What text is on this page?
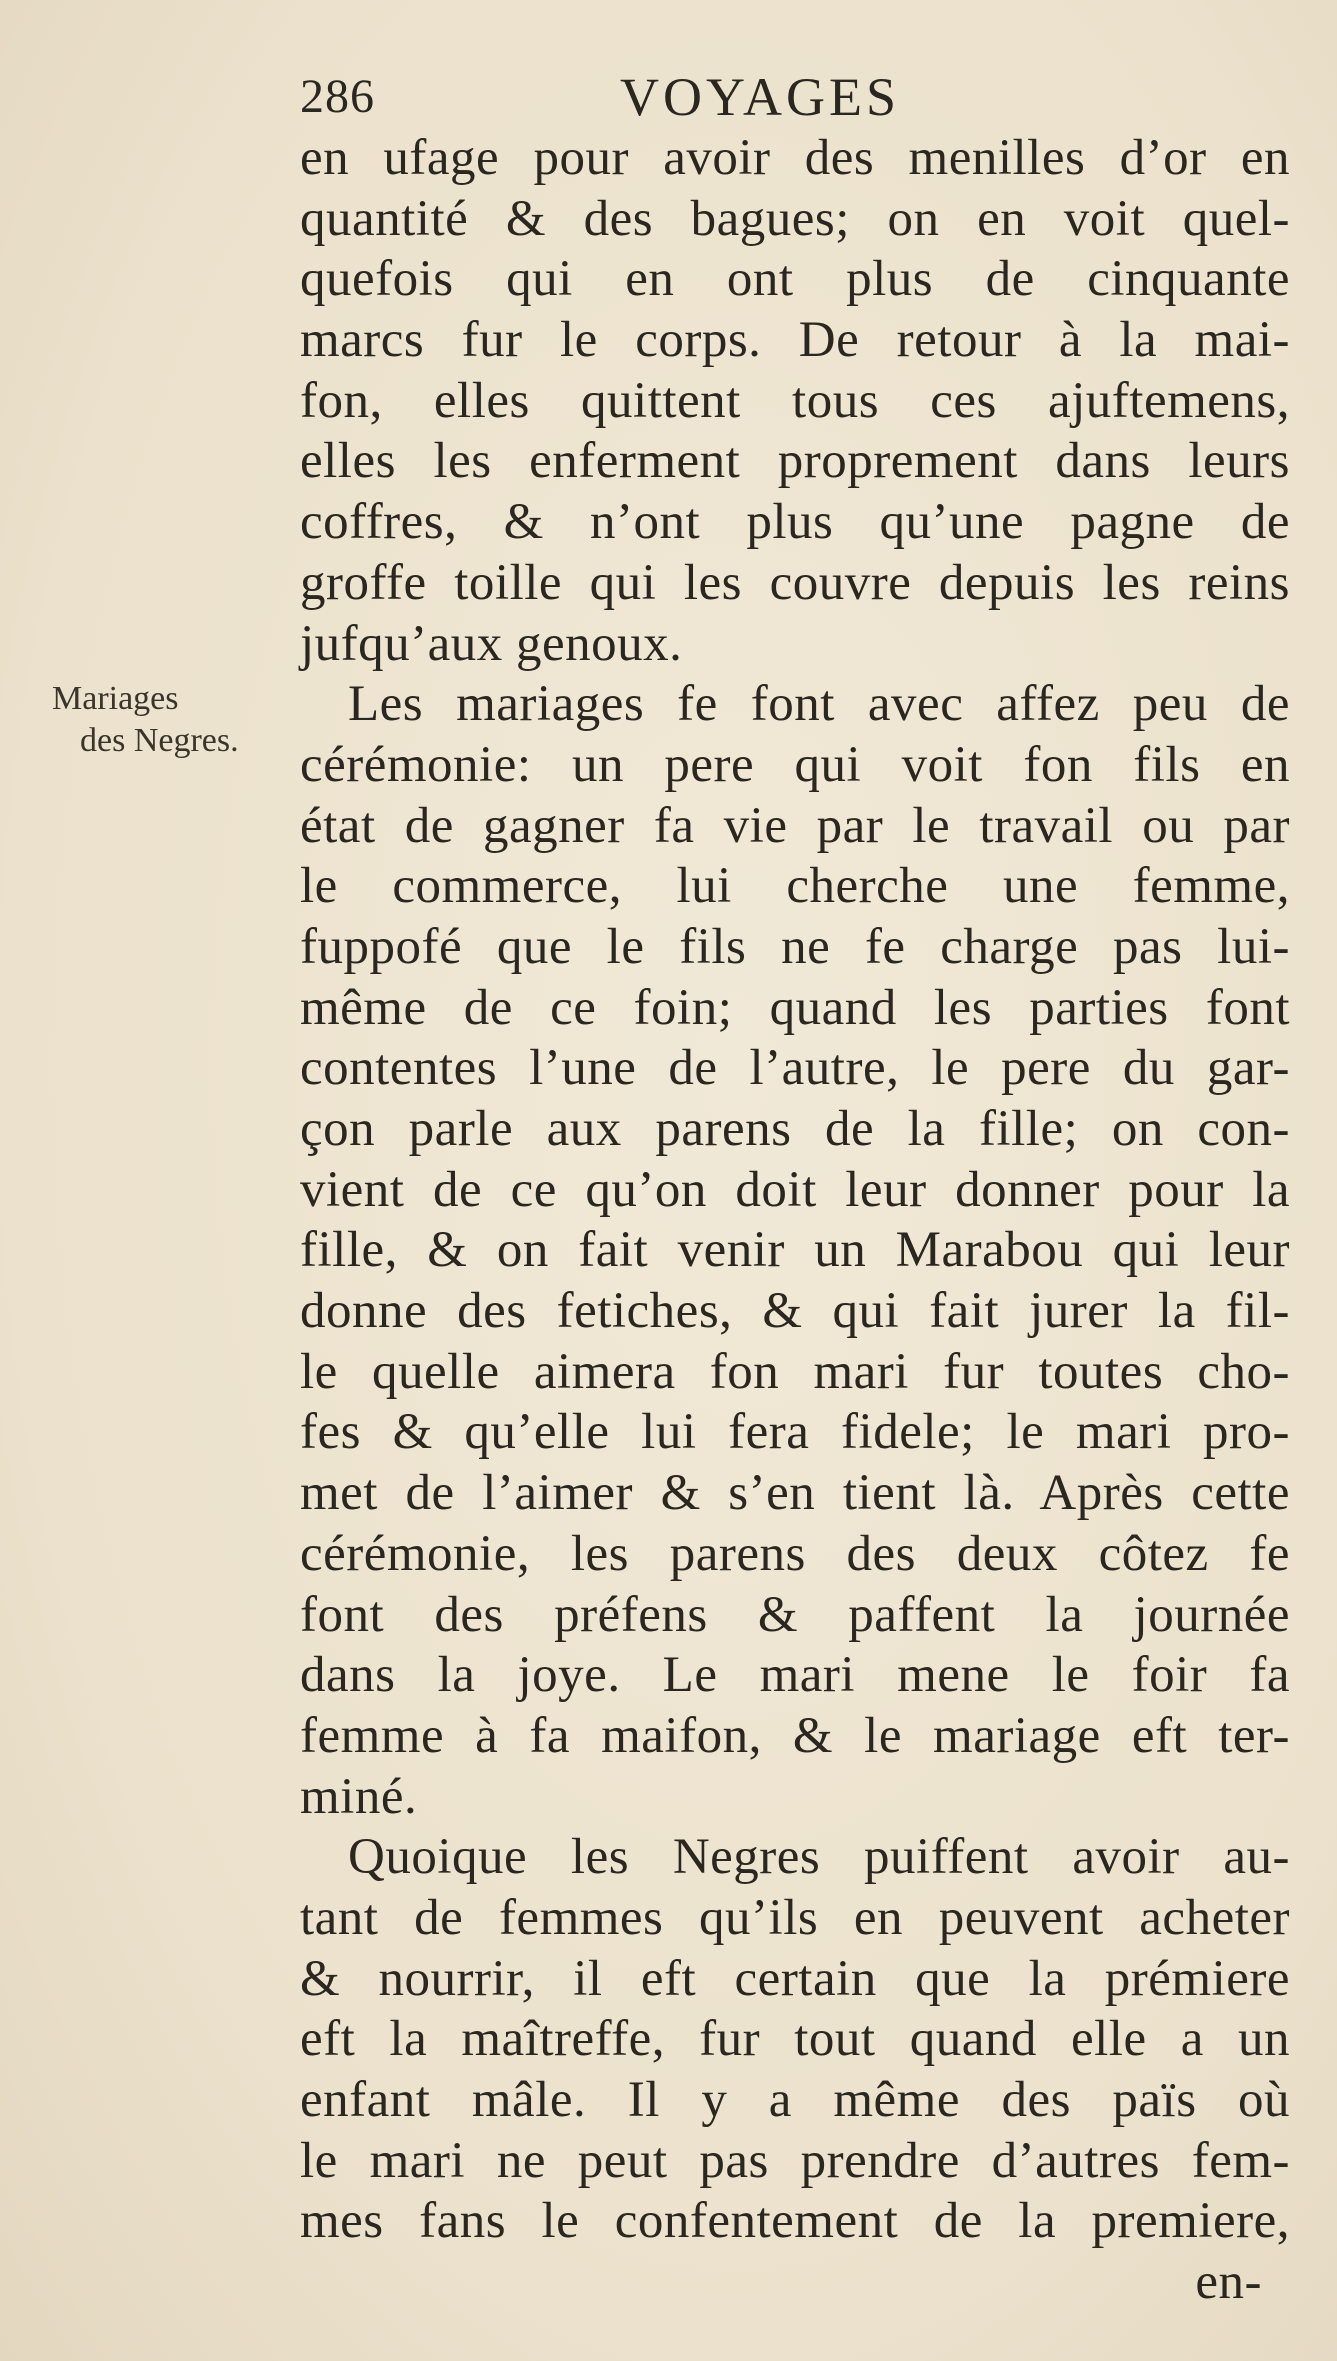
286	VOYAGES
Mariages
des Negres.
en ufage pour avoir des menilles d’or en
quantité & des bagues; on en voit quel-
quefois qui en ont plus de cinquante
marcs fur le corps. De retour à la mai-
fon, elles quittent tous ces ajuftemens,
elles les enferment proprement dans leurs
coffres, & n’ont plus qu’une pagne de
groffe toille qui les couvre depuis les reins
jufqu’aux genoux.
Les mariages fe font avec affez peu de
cérémonie: un pere qui voit fon fils en
état de gagner fa vie par le travail ou par
le commerce, lui cherche une femme,
fuppofé que le fils ne fe charge pas lui-
même de ce foin; quand les parties font
contentes l’une de l’autre, le pere du gar-
çon parle aux parens de la fille; on con-
vient de ce qu’on doit leur donner pour la
fille, & on fait venir un Marabou qui leur
donne des fetiches, & qui fait jurer la fil-
le quelle aimera fon mari fur toutes cho-
fes & qu’elle lui fera fidele; le mari pro-
met de l’aimer & s’en tient là. Après cette
cérémonie, les parens des deux côtez fe
font des préfens & paffent la journée
dans la joye. Le mari mene le foir fa
femme à fa maifon, & le mariage eft ter-
miné.
Quoique les Negres puiffent avoir au-
tant de femmes qu’ils en peuvent acheter
& nourrir, il eft certain que la prémiere
eft la maîtreffe, fur tout quand elle a un
enfant mâle. Il y a même des païs où
le mari ne peut pas prendre d’autres fem-
mes fans le confentement de la premiere,
en-
